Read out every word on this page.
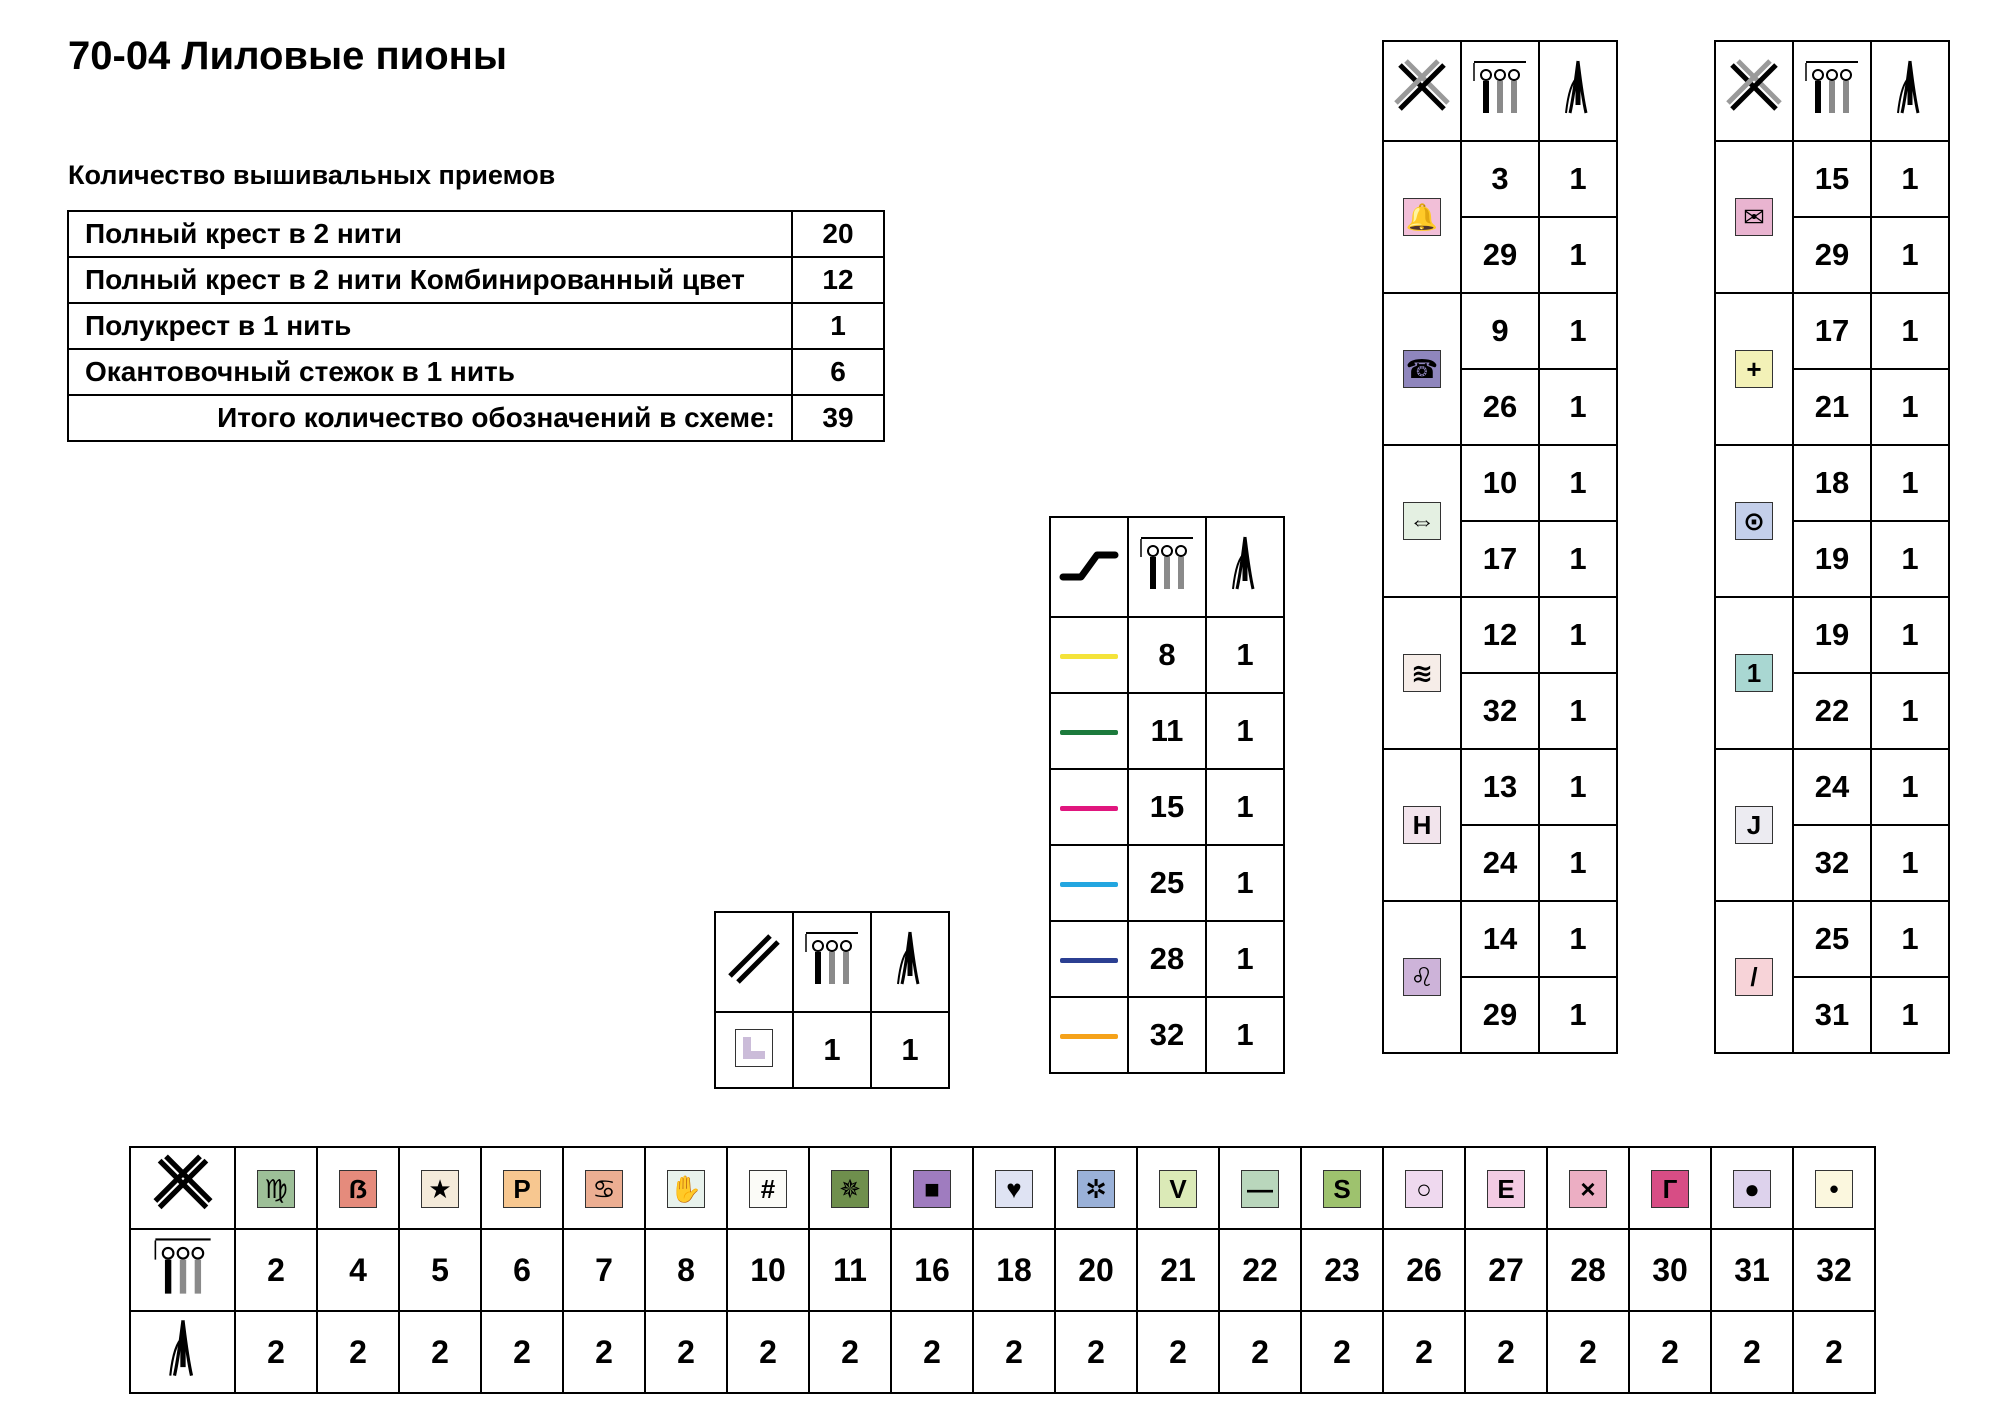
70-04 Лиловые пионы
Количество вышивальных приемов
Полный крест в 2 нити	20
Полный крест в 2 нити Комбинированный цвет	12
Полукрест в 1 нить	1
Окантовочный стежок в 1 нить	6
Итого количество обозначений в схеме:	39

	1	1

	8	1
	11	1
	15	1
	25	1
	28	1
	32	1

🔔	3	1
	29	1
☎	9	1
	26	1
⇔	10	1
	17	1
≋	12	1
	32	1
H	13	1
	24	1
♌	14	1
	29	1

✉	15	1
	29	1
+	17	1
	21	1
⊙	18	1
	19	1
1	19	1
	22	1
J	24	1
	32	1
/	25	1
	31	1
	♍	ẞ	★	P	♋	✋	#	✵	■	♥	✲	V	—	S	○	E	×	Г	●	•
	2	4	5	6	7	8	10	11	16	18	20	21	22	23	26	27	28	30	31	32
	2	2	2	2	2	2	2	2	2	2	2	2	2	2	2	2	2	2	2	2
